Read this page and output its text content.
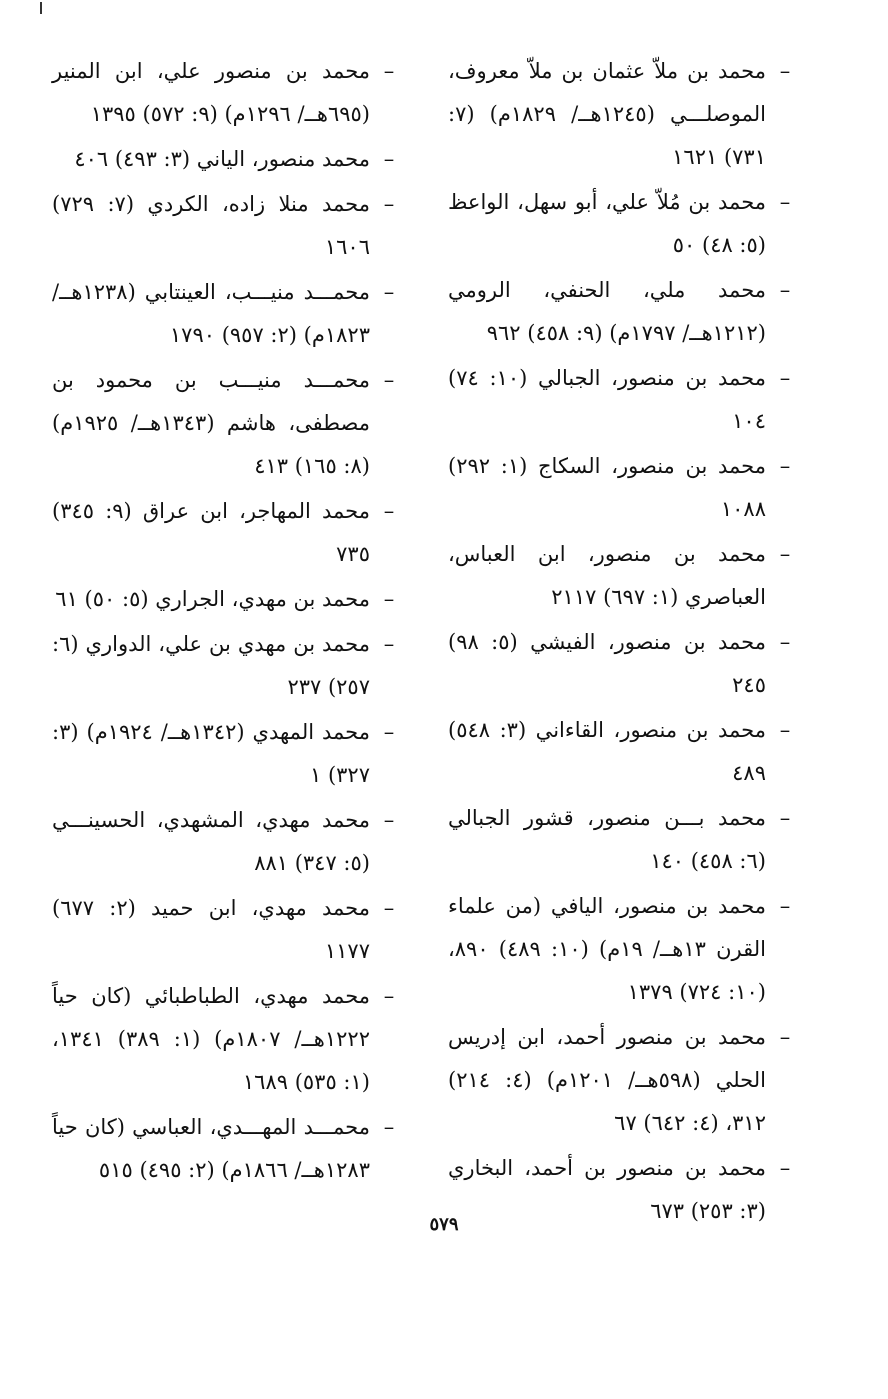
–
محمد بن ملاّ عثمان بن ملاّ معروف، الموصلـــي (١٢٤٥هــ/ ١٨٢٩م) (٧: ٧٣١) ١٦٢١
–
محمد بن مُلاّ علي، أبو سهل، الواعظ (٥: ٤٨) ٥٠
–
محمد ملي، الحنفي، الرومي (١٢١٢هــ/ ١٧٩٧م) (٩: ٤٥٨) ٩٦٢
–
محمد بن منصور، الجبالي (١٠: ٧٤) ١٠٤
–
محمد بن منصور، السكاج (١: ٢٩٢) ١٠٨٨
–
محمد بن منصور، ابن العباس، العباصري (١: ٦٩٧) ٢١١٧
–
محمد بن منصور، الفيشي (٥: ٩٨) ٢٤٥
–
محمد بن منصور، القاءاني (٣: ٥٤٨) ٤٨٩
–
محمد بـــن منصور، قشور الجبالي (٦: ٤٥٨) ١٤٠
–
محمد بن منصور، اليافي (من علماء القرن ١٣هــ/ ١٩م) (١٠: ٤٨٩) ٨٩٠، (١٠: ٧٢٤) ١٣٧٩
–
محمد بن منصور أحمد، ابن إدريس الحلي (٥٩٨هــ/ ١٢٠١م) (٤: ٢١٤) ٣١٢، (٤: ٦٤٢) ٦٧
–
محمد بن منصور بن أحمد، البخاري (٣: ٢٥٣) ٦٧٣
–
محمد بن منصور علي، ابن المنير (٦٩٥هــ/ ١٢٩٦م) (٩: ٥٧٢) ١٣٩٥
–
محمد منصور، الياني (٣: ٤٩٣) ٤٠٦
–
محمد منلا زاده، الكردي (٧: ٧٢٩) ١٦٠٦
–
محمـــد منيـــب، العينتابي (١٢٣٨هــ/ ١٨٢٣م) (٢: ٩٥٧) ١٧٩٠
–
محمـــد منيـــب بن محمود بن مصطفى، هاشم (١٣٤٣هــ/ ١٩٢٥م) (٨: ١٦٥) ٤١٣
–
محمد المهاجر، ابن عراق (٩: ٣٤٥) ٧٣٥
–
محمد بن مهدي، الجراري (٥: ٥٠) ٦١
–
محمد بن مهدي بن علي، الدواري (٦: ٢٥٧) ٢٣٧
–
محمد المهدي (١٣٤٢هــ/ ١٩٢٤م) (٣: ٣٢٧) ١
–
محمد مهدي، المشهدي، الحسينـــي (٥: ٣٤٧) ٨٨١
–
محمد مهدي، ابن حميد (٢: ٦٧٧) ١١٧٧
–
محمد مهدي، الطباطبائي (كان حياً ١٢٢٢هــ/ ١٨٠٧م) (١: ٣٨٩) ١٣٤١، (١: ٥٣٥) ١٦٨٩
–
محمـــد المهـــدي، العباسي (كان حياً ١٢٨٣هــ/ ١٨٦٦م) (٢: ٤٩٥) ٥١٥
٥٧٩
